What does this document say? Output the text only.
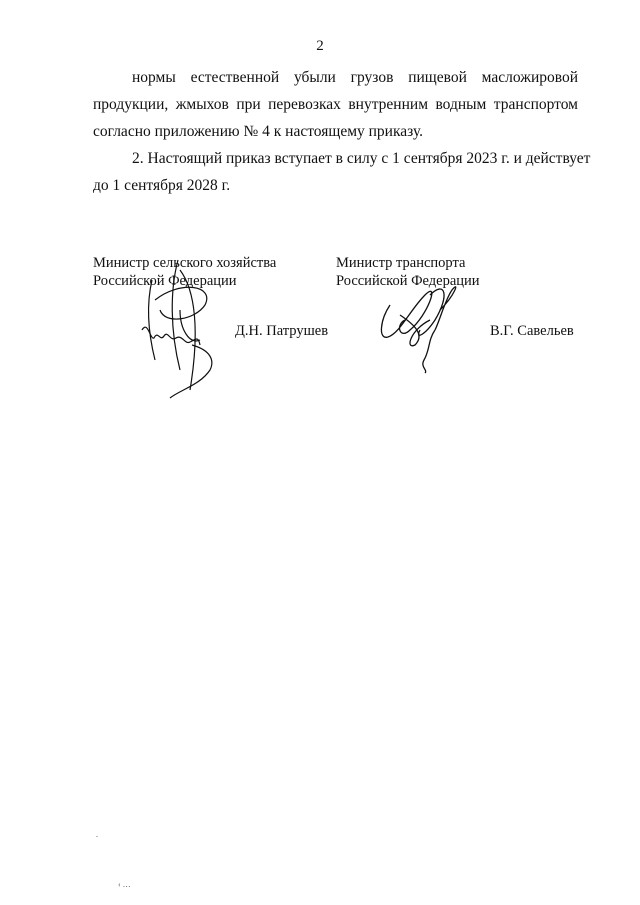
2
нормы естественной убыли грузов пищевой масложировой
продукции, жмыхов при перевозках внутренним водным транспортом
согласно приложению № 4 к настоящему приказу.
2. Настоящий приказ вступает в силу с 1 сентября 2023 г. и действует
до 1 сентября 2028 г.
Министр сельского хозяйства
Российской Федерации
Д.Н. Патрушев
Министр транспорта
Российской Федерации
В.Г. Савельев
.
‹ …
